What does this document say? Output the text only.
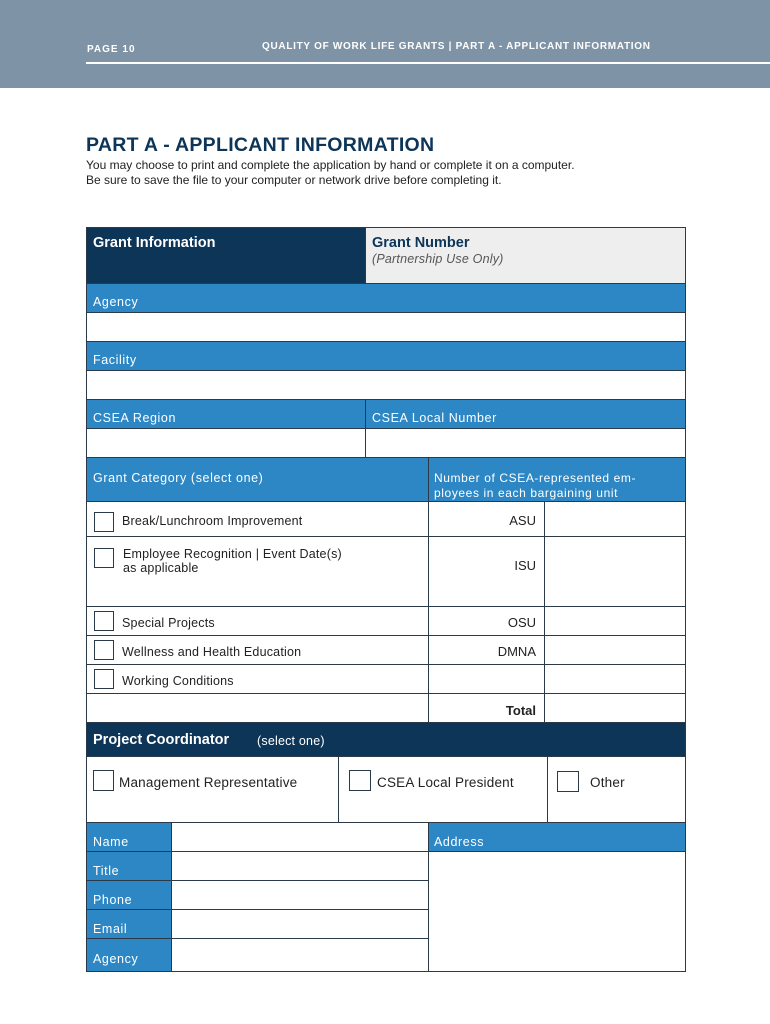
PAGE 10	QUALITY OF WORK LIFE GRANTS | PART A - APPLICANT INFORMATION
PART A - APPLICANT INFORMATION
You may choose to print and complete the application by hand or complete it on a computer.
Be sure to save the file to your computer or network drive before completing it.
Grant Information	Grant Number
(Partnership Use Only)
Agency
Facility
CSEA Region	CSEA Local Number
Grant Category (select one)	Number of CSEA-represented em-
ployees in each bargaining unit
Break/Lunchroom Improvement	ASU
Employee Recognition | Event Date(s)
as applicable	ISU
Special Projects	OSU
Wellness and Health Education	DMNA
Working Conditions
Total
Project Coordinator (select one)
Management Representative	CSEA Local President	Other
Name	Address
Title
Phone
Email
Agency
